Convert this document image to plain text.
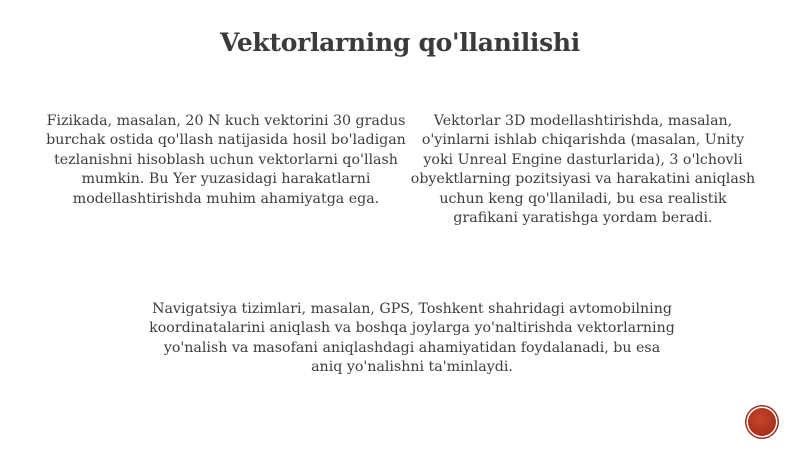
Vektorlarning qo'llanilishi

Fizikada, masalan, 20 N kuch vektorini 30 gradus burchak ostida qo'llash natijasida hosil bo'ladigan tezlanishni hisoblash uchun vektorlarni qo'llash mumkin. Bu Yer yuzasidagi harakatlarni modellashtirishda muhim ahamiyatga ega.

Vektorlar 3D modellashtirishda, masalan, o'yinlarni ishlab chiqarishda (masalan, Unity yoki Unreal Engine dasturlarida), 3 o'lchovli obyektlarning pozitsiyasi va harakatini aniqlash uchun keng qo'llaniladi, bu esa realistik grafikani yaratishga yordam beradi.

Navigatsiya tizimlari, masalan, GPS, Toshkent shahridagi avtomobilning koordinatalarini aniqlash va boshqa joylarga yo'naltirishda vektorlarning yo'nalish va masofani aniqlashdagi ahamiyatidan foydalanadi, bu esa aniq yo'nalishni ta'minlaydi.
